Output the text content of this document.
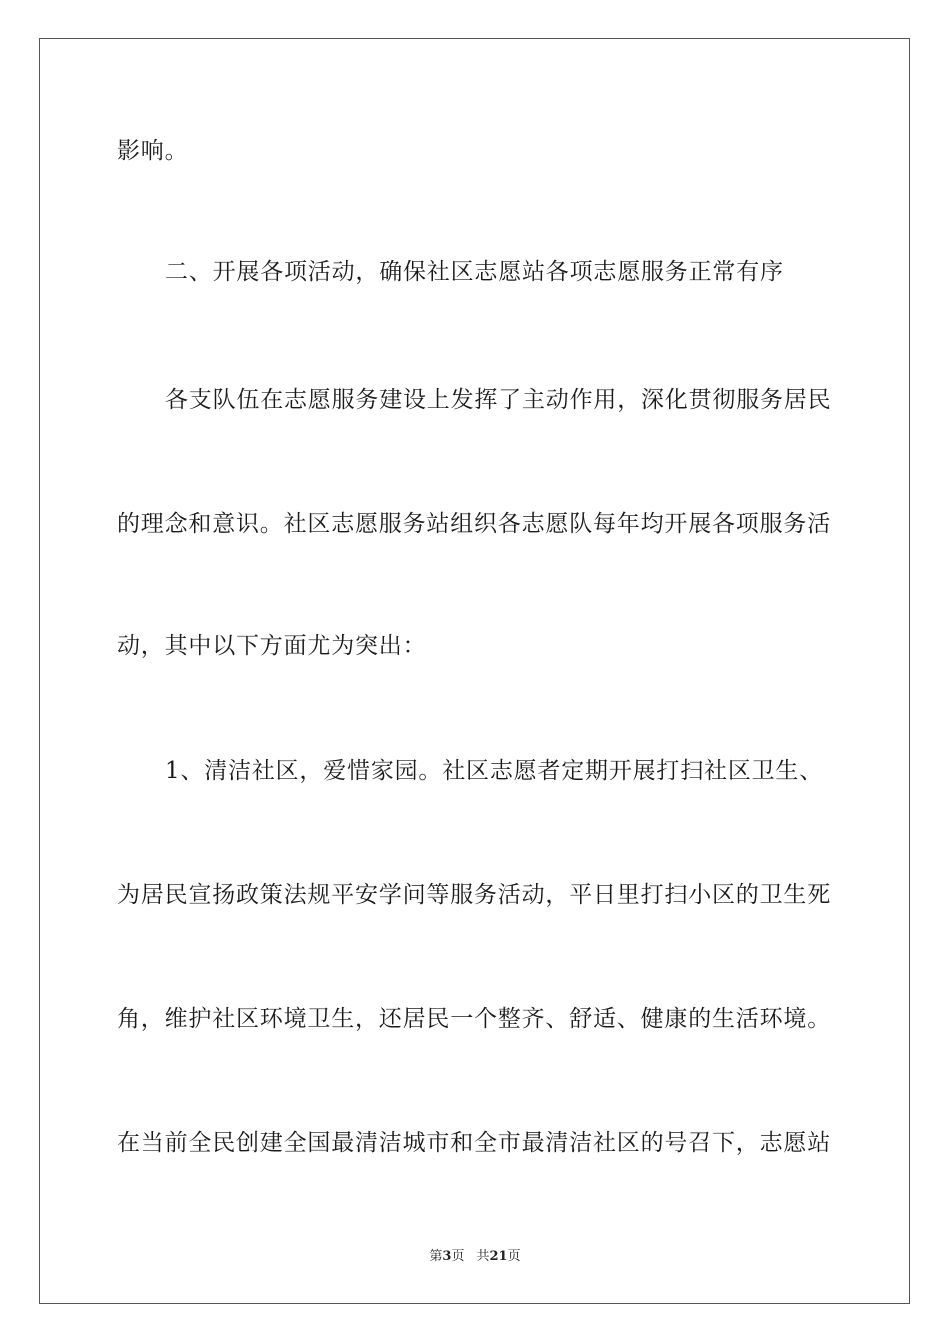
影响。
二、开展各项活动，确保社区志愿站各项志愿服务正常有序
各支队伍在志愿服务建设上发挥了主动作用，深化贯彻服务居民
的理念和意识。社区志愿服务站组织各志愿队每年均开展各项服务活
动，其中以下方面尤为突出：
1、清洁社区，爱惜家园。社区志愿者定期开展打扫社区卫生、
为居民宣扬政策法规平安学问等服务活动，平日里打扫小区的卫生死
角，维护社区环境卫生，还居民一个整齐、舒适、健康的生活环境。
在当前全民创建全国最清洁城市和全市最清洁社区的号召下，志愿站
第3页 共21页
